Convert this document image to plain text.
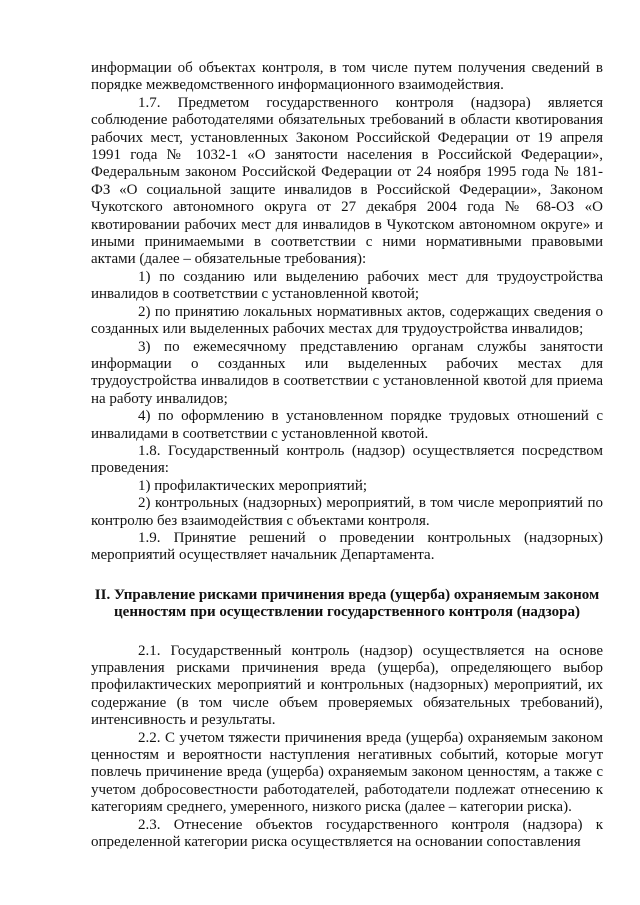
информации об объектах контроля, в том числе путем получения сведений в порядке межведомственного информационного взаимодействия.

1.7. Предметом государственного контроля (надзора) является соблюдение работодателями обязательных требований в области квотирования рабочих мест, установленных Законом Российской Федерации от 19 апреля 1991 года № 1032-1 «О занятости населения в Российской Федерации», Федеральным законом Российской Федерации от 24 ноября 1995 года № 181-ФЗ «О социальной защите инвалидов в Российской Федерации», Законом Чукотского автономного округа от 27 декабря 2004 года № 68-ОЗ «О квотировании рабочих мест для инвалидов в Чукотском автономном округе» и иными принимаемыми в соответствии с ними нормативными правовыми актами (далее – обязательные требования):

1) по созданию или выделению рабочих мест для трудоустройства инвалидов в соответствии с установленной квотой;

2) по принятию локальных нормативных актов, содержащих сведения о созданных или выделенных рабочих местах для трудоустройства инвалидов;

3) по ежемесячному представлению органам службы занятости информации о созданных или выделенных рабочих местах для трудоустройства инвалидов в соответствии с установленной квотой для приема на работу инвалидов;

4) по оформлению в установленном порядке трудовых отношений с инвалидами в соответствии с установленной квотой.

1.8. Государственный контроль (надзор) осуществляется посредством проведения:

1) профилактических мероприятий;

2) контрольных (надзорных) мероприятий, в том числе мероприятий по контролю без взаимодействия с объектами контроля.

1.9. Принятие решений о проведении контрольных (надзорных) мероприятий осуществляет начальник Департамента.

II. Управление рисками причинения вреда (ущерба) охраняемым законом

ценностям при осуществлении государственного контроля (надзора)

2.1. Государственный контроль (надзор) осуществляется на основе управления рисками причинения вреда (ущерба), определяющего выбор профилактических мероприятий и контрольных (надзорных) мероприятий, их содержание (в том числе объем проверяемых обязательных требований), интенсивность и результаты.

2.2. С учетом тяжести причинения вреда (ущерба) охраняемым законом ценностям и вероятности наступления негативных событий, которые могут повлечь причинение вреда (ущерба) охраняемым законом ценностям, а также с учетом добросовестности работодателей, работодатели подлежат отнесению к категориям среднего, умеренного, низкого риска (далее – категории риска).

2.3. Отнесение объектов государственного контроля (надзора) к определенной категории риска осуществляется на основании сопоставления
